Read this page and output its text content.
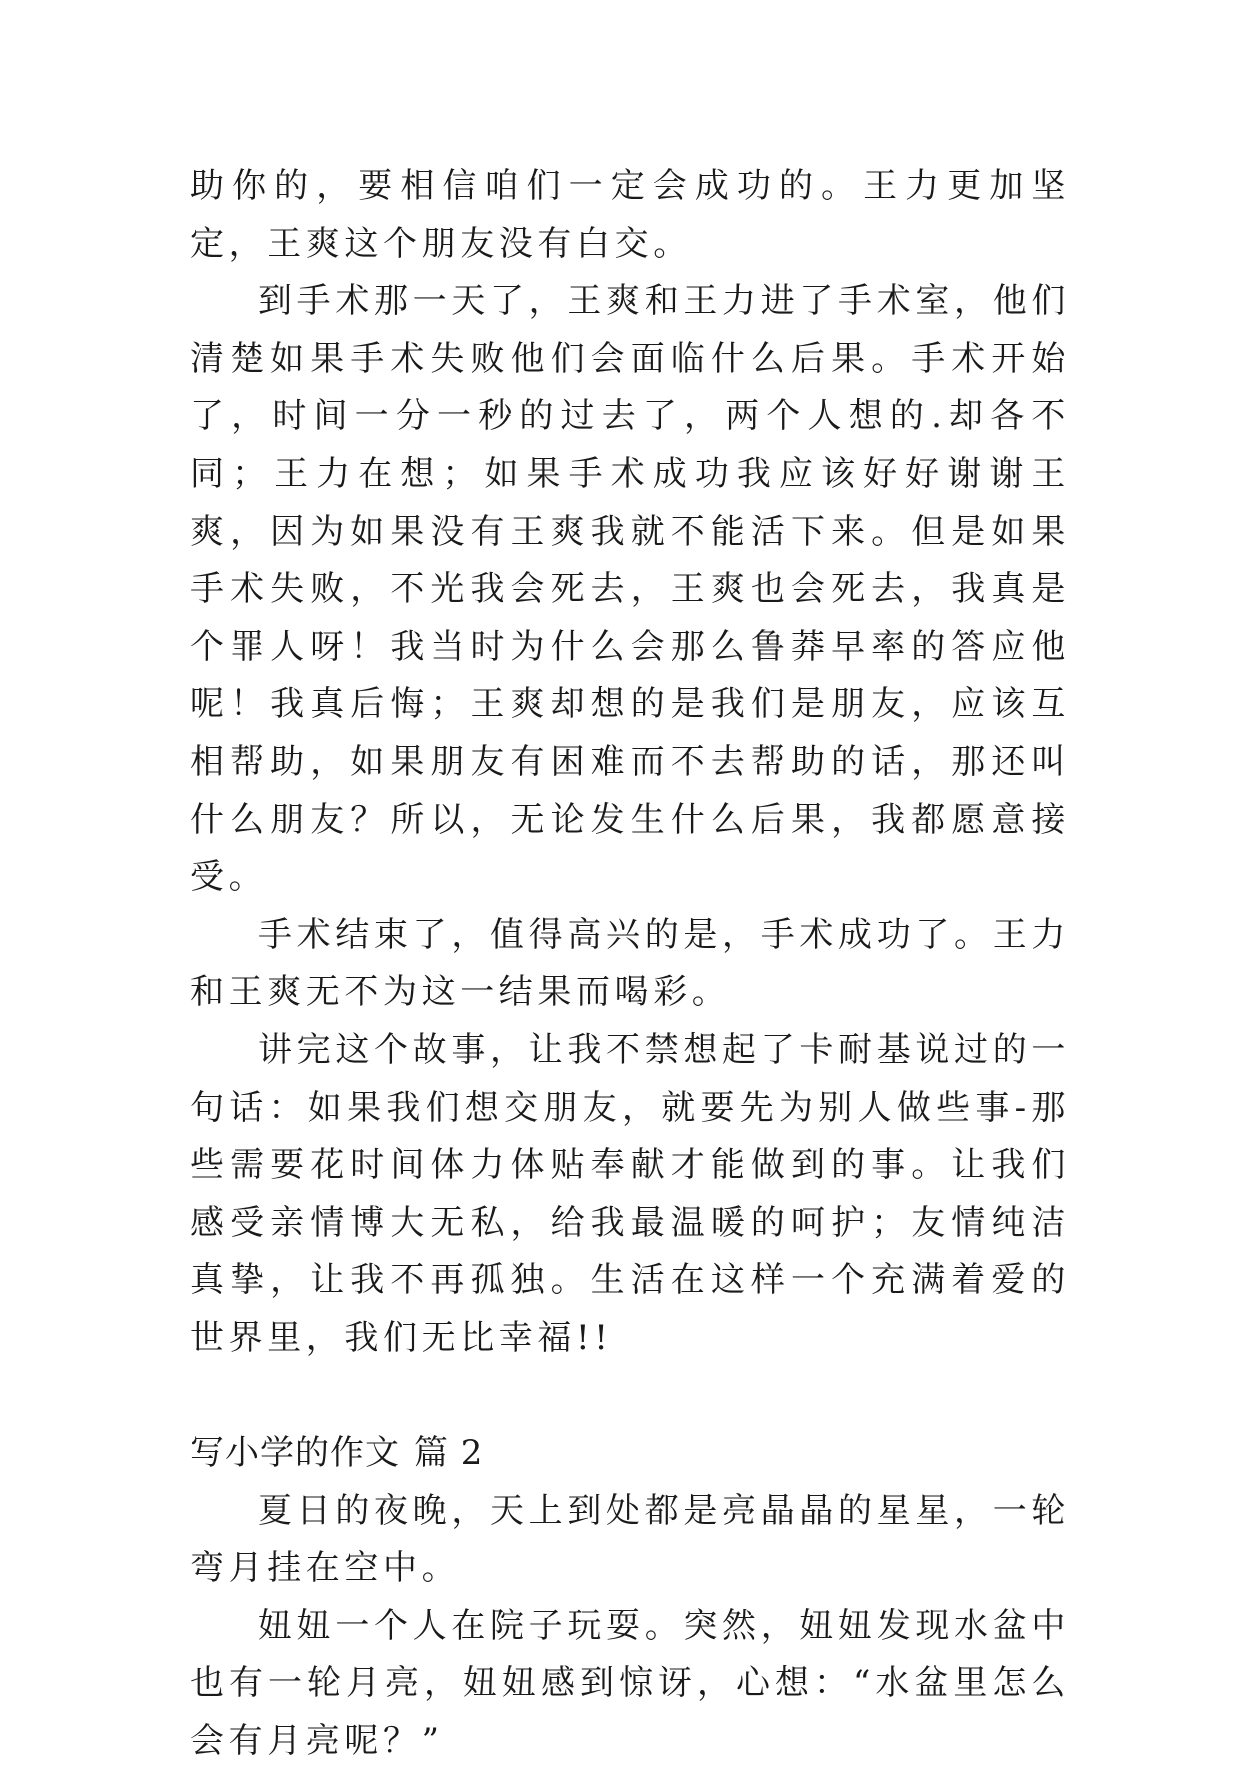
助你的，要相信咱们一定会成功的。王力更加坚定，王爽这个朋友没有白交。

到手术那一天了，王爽和王力进了手术室，他们清楚如果手术失败他们会面临什么后果。手术开始了，时间一分一秒的过去了，两个人想的.却各不同；王力在想；如果手术成功我应该好好谢谢王爽，因为如果没有王爽我就不能活下来。但是如果手术失败，不光我会死去，王爽也会死去，我真是个罪人呀！我当时为什么会那么鲁莽早率的答应他呢！我真后悔；王爽却想的是我们是朋友，应该互相帮助，如果朋友有困难而不去帮助的话，那还叫什么朋友？所以，无论发生什么后果，我都愿意接受。

手术结束了，值得高兴的是，手术成功了。王力和王爽无不为这一结果而喝彩。

讲完这个故事，让我不禁想起了卡耐基说过的一句话：如果我们想交朋友，就要先为别人做些事-那些需要花时间体力体贴奉献才能做到的事。让我们感受亲情博大无私，给我最温暖的呵护；友情纯洁真挚，让我不再孤独。生活在这样一个充满着爱的世界里，我们无比幸福!!

写小学的作文 篇 2

夏日的夜晚，天上到处都是亮晶晶的星星，一轮弯月挂在空中。

妞妞一个人在院子玩耍。突然，妞妞发现水盆中也有一轮月亮，妞妞感到惊讶，心想：“水盆里怎么会有月亮呢？”
